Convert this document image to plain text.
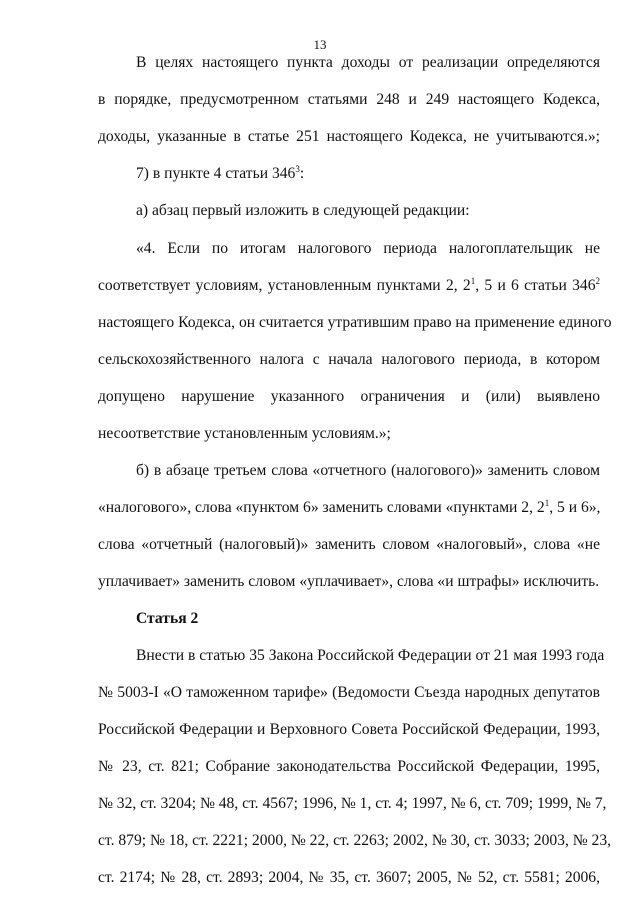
13
В целях настоящего пункта доходы от реализации определяются
в порядке, предусмотренном статьями 248 и 249 настоящего Кодекса,
доходы, указанные в статье 251 настоящего Кодекса, не учитываются.»;
7) в пункте 4 статьи $346^3$:
а) абзац первый изложить в следующей редакции:
«4. Если по итогам налогового периода налогоплательщик не
соответствует условиям, установленным пунктами 2, $2^1$, 5 и 6 статьи $346^2$
настоящего Кодекса, он считается утратившим право на применение единого
сельскохозяйственного налога с начала налогового периода, в котором
допущено нарушение указанного ограничения и (или) выявлено
несоответствие установленным условиям.»;
б) в абзаце третьем слова «отчетного (налогового)» заменить словом
«налогового», слова «пунктом 6» заменить словами «пунктами 2, $2^1$, 5 и 6»,
слова «отчетный (налоговый)» заменить словом «налоговый», слова «не
уплачивает» заменить словом «уплачивает», слова «и штрафы» исключить.
Статья 2
Внести в статью 35 Закона Российской Федерации от 21 мая 1993 года
№ 5003-I «О таможенном тарифе» (Ведомости Съезда народных депутатов
Российской Федерации и Верховного Совета Российской Федерации, 1993,
№ 23, ст. 821; Собрание законодательства Российской Федерации, 1995,
№ 32, ст. 3204; № 48, ст. 4567; 1996, № 1, ст. 4; 1997, № 6, ст. 709; 1999, № 7,
ст. 879; № 18, ст. 2221; 2000, № 22, ст. 2263; 2002, № 30, ст. 3033; 2003, № 23,
ст. 2174; № 28, ст. 2893; 2004, № 35, ст. 3607; 2005, № 52, ст. 5581; 2006,
